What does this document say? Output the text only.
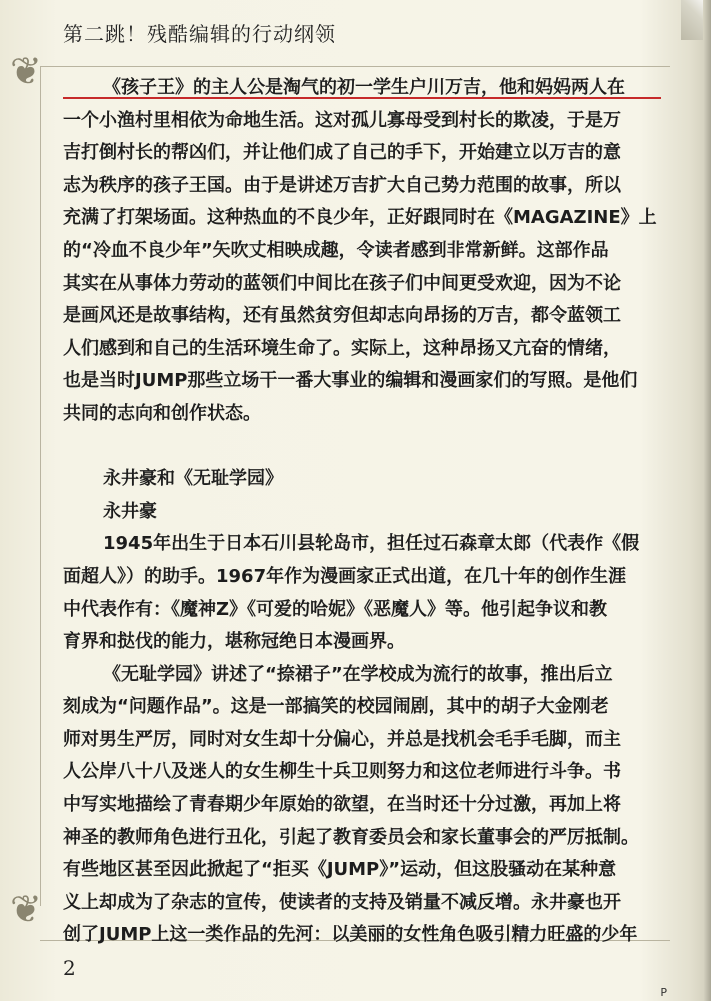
第二跳！残酷编辑的行动纲领
❦
❦
《孩子王》的主人公是淘气的初一学生户川万吉，他和妈妈两人在
一个小渔村里相依为命地生活。这对孤儿寡母受到村长的欺凌，于是万
吉打倒村长的帮凶们，并让他们成了自己的手下，开始建立以万吉的意
志为秩序的孩子王国。由于是讲述万吉扩大自己势力范围的故事，所以
充满了打架场面。这种热血的不良少年，正好跟同时在《MAGAZINE》上
的“冷血不良少年”矢吹丈相映成趣，令读者感到非常新鲜。这部作品
其实在从事体力劳动的蓝领们中间比在孩子们中间更受欢迎，因为不论
是画风还是故事结构，还有虽然贫穷但却志向昂扬的万吉，都令蓝领工
人们感到和自己的生活环境生命了。实际上，这种昂扬又亢奋的情绪，
也是当时JUMP那些立场干一番大事业的编辑和漫画家们的写照。是他们
共同的志向和创作状态。
永井豪和《无耻学园》
永井豪
1945年出生于日本石川县轮岛市，担任过石森章太郎（代表作《假
面超人》）的助手。1967年作为漫画家正式出道，在几十年的创作生涯
中代表作有：《魔神Z》《可爱的哈妮》《恶魔人》等。他引起争议和教
育界和挞伐的能力，堪称冠绝日本漫画界。
《无耻学园》讲述了“捺裙子”在学校成为流行的故事，推出后立
刻成为“问题作品”。这是一部搞笑的校园闹剧，其中的胡子大金刚老
师对男生严厉，同时对女生却十分偏心，并总是找机会毛手毛脚，而主
人公岸八十八及迷人的女生柳生十兵卫则努力和这位老师进行斗争。书
中写实地描绘了青春期少年原始的欲望，在当时还十分过激，再加上将
神圣的教师角色进行丑化，引起了教育委员会和家长董事会的严厉抵制。
有些地区甚至因此掀起了“拒买《JUMP》”运动，但这股骚动在某种意
义上却成为了杂志的宣传，使读者的支持及销量不减反增。永井豪也开
创了JUMP上这一类作品的先河：以美丽的女性角色吸引精力旺盛的少年
2
P
